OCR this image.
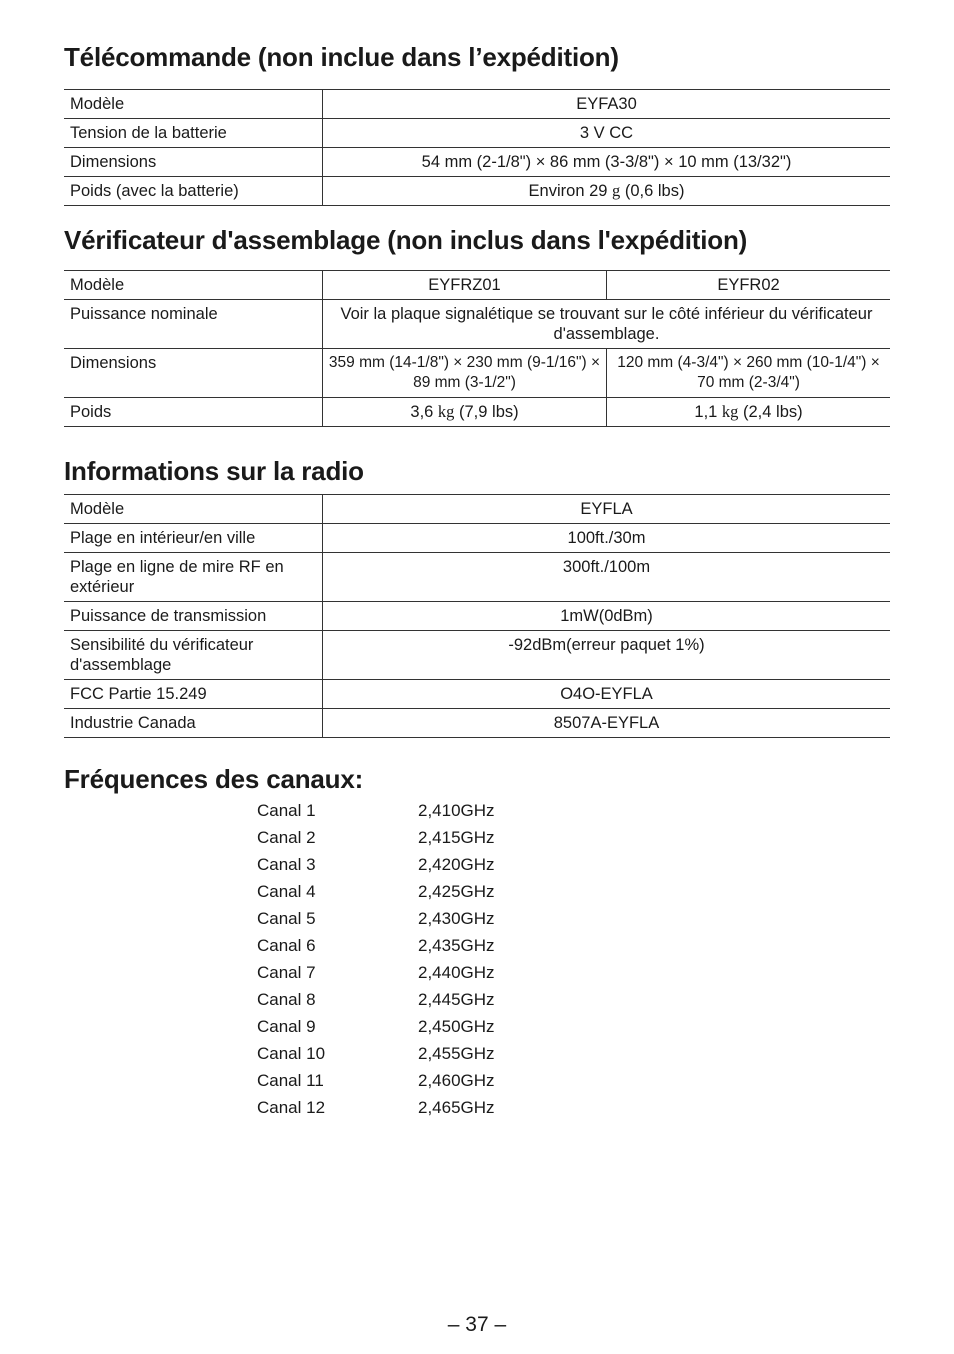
Télécommande (non inclue dans l’expédition)
Modèle	EYFA30
Tension de la batterie	3 V CC
Dimensions	54 mm (2-1/8") × 86 mm (3-3/8") × 10 mm (13/32")
Poids (avec la batterie)	Environ 29 g (0,6 lbs)
Vérificateur d'assemblage (non inclus dans l'expédition)
Modèle	EYFRZ01	EYFR02
Puissance nominale	Voir la plaque signalétique se trouvant sur le côté inférieur du vérificateur d'assemblage.	
Dimensions	359 mm (14-1/8") × 230 mm (9-1/16") × 89 mm (3-1/2")	120 mm (4-3/4") × 260 mm (10-1/4") × 70 mm (2-3/4")
Poids	3,6 kg (7,9 lbs)	1,1 kg (2,4 lbs)
Informations sur la radio
Modèle	EYFLA
Plage en intérieur/en ville	100ft./30m
Plage en ligne de mire RF en extérieur	300ft./100m
Puissance de transmission	1mW(0dBm)
Sensibilité du vérificateur d'assemblage	-92dBm(erreur paquet 1%)
FCC Partie 15.249	O4O-EYFLA
Industrie Canada	8507A-EYFLA
Fréquences des canaux:
Canal 1	2,410GHz
Canal 2	2,415GHz
Canal 3	2,420GHz
Canal 4	2,425GHz
Canal 5	2,430GHz
Canal 6	2,435GHz
Canal 7	2,440GHz
Canal 8	2,445GHz
Canal 9	2,450GHz
Canal 10	2,455GHz
Canal 11	2,460GHz
Canal 12	2,465GHz
– 37 –
